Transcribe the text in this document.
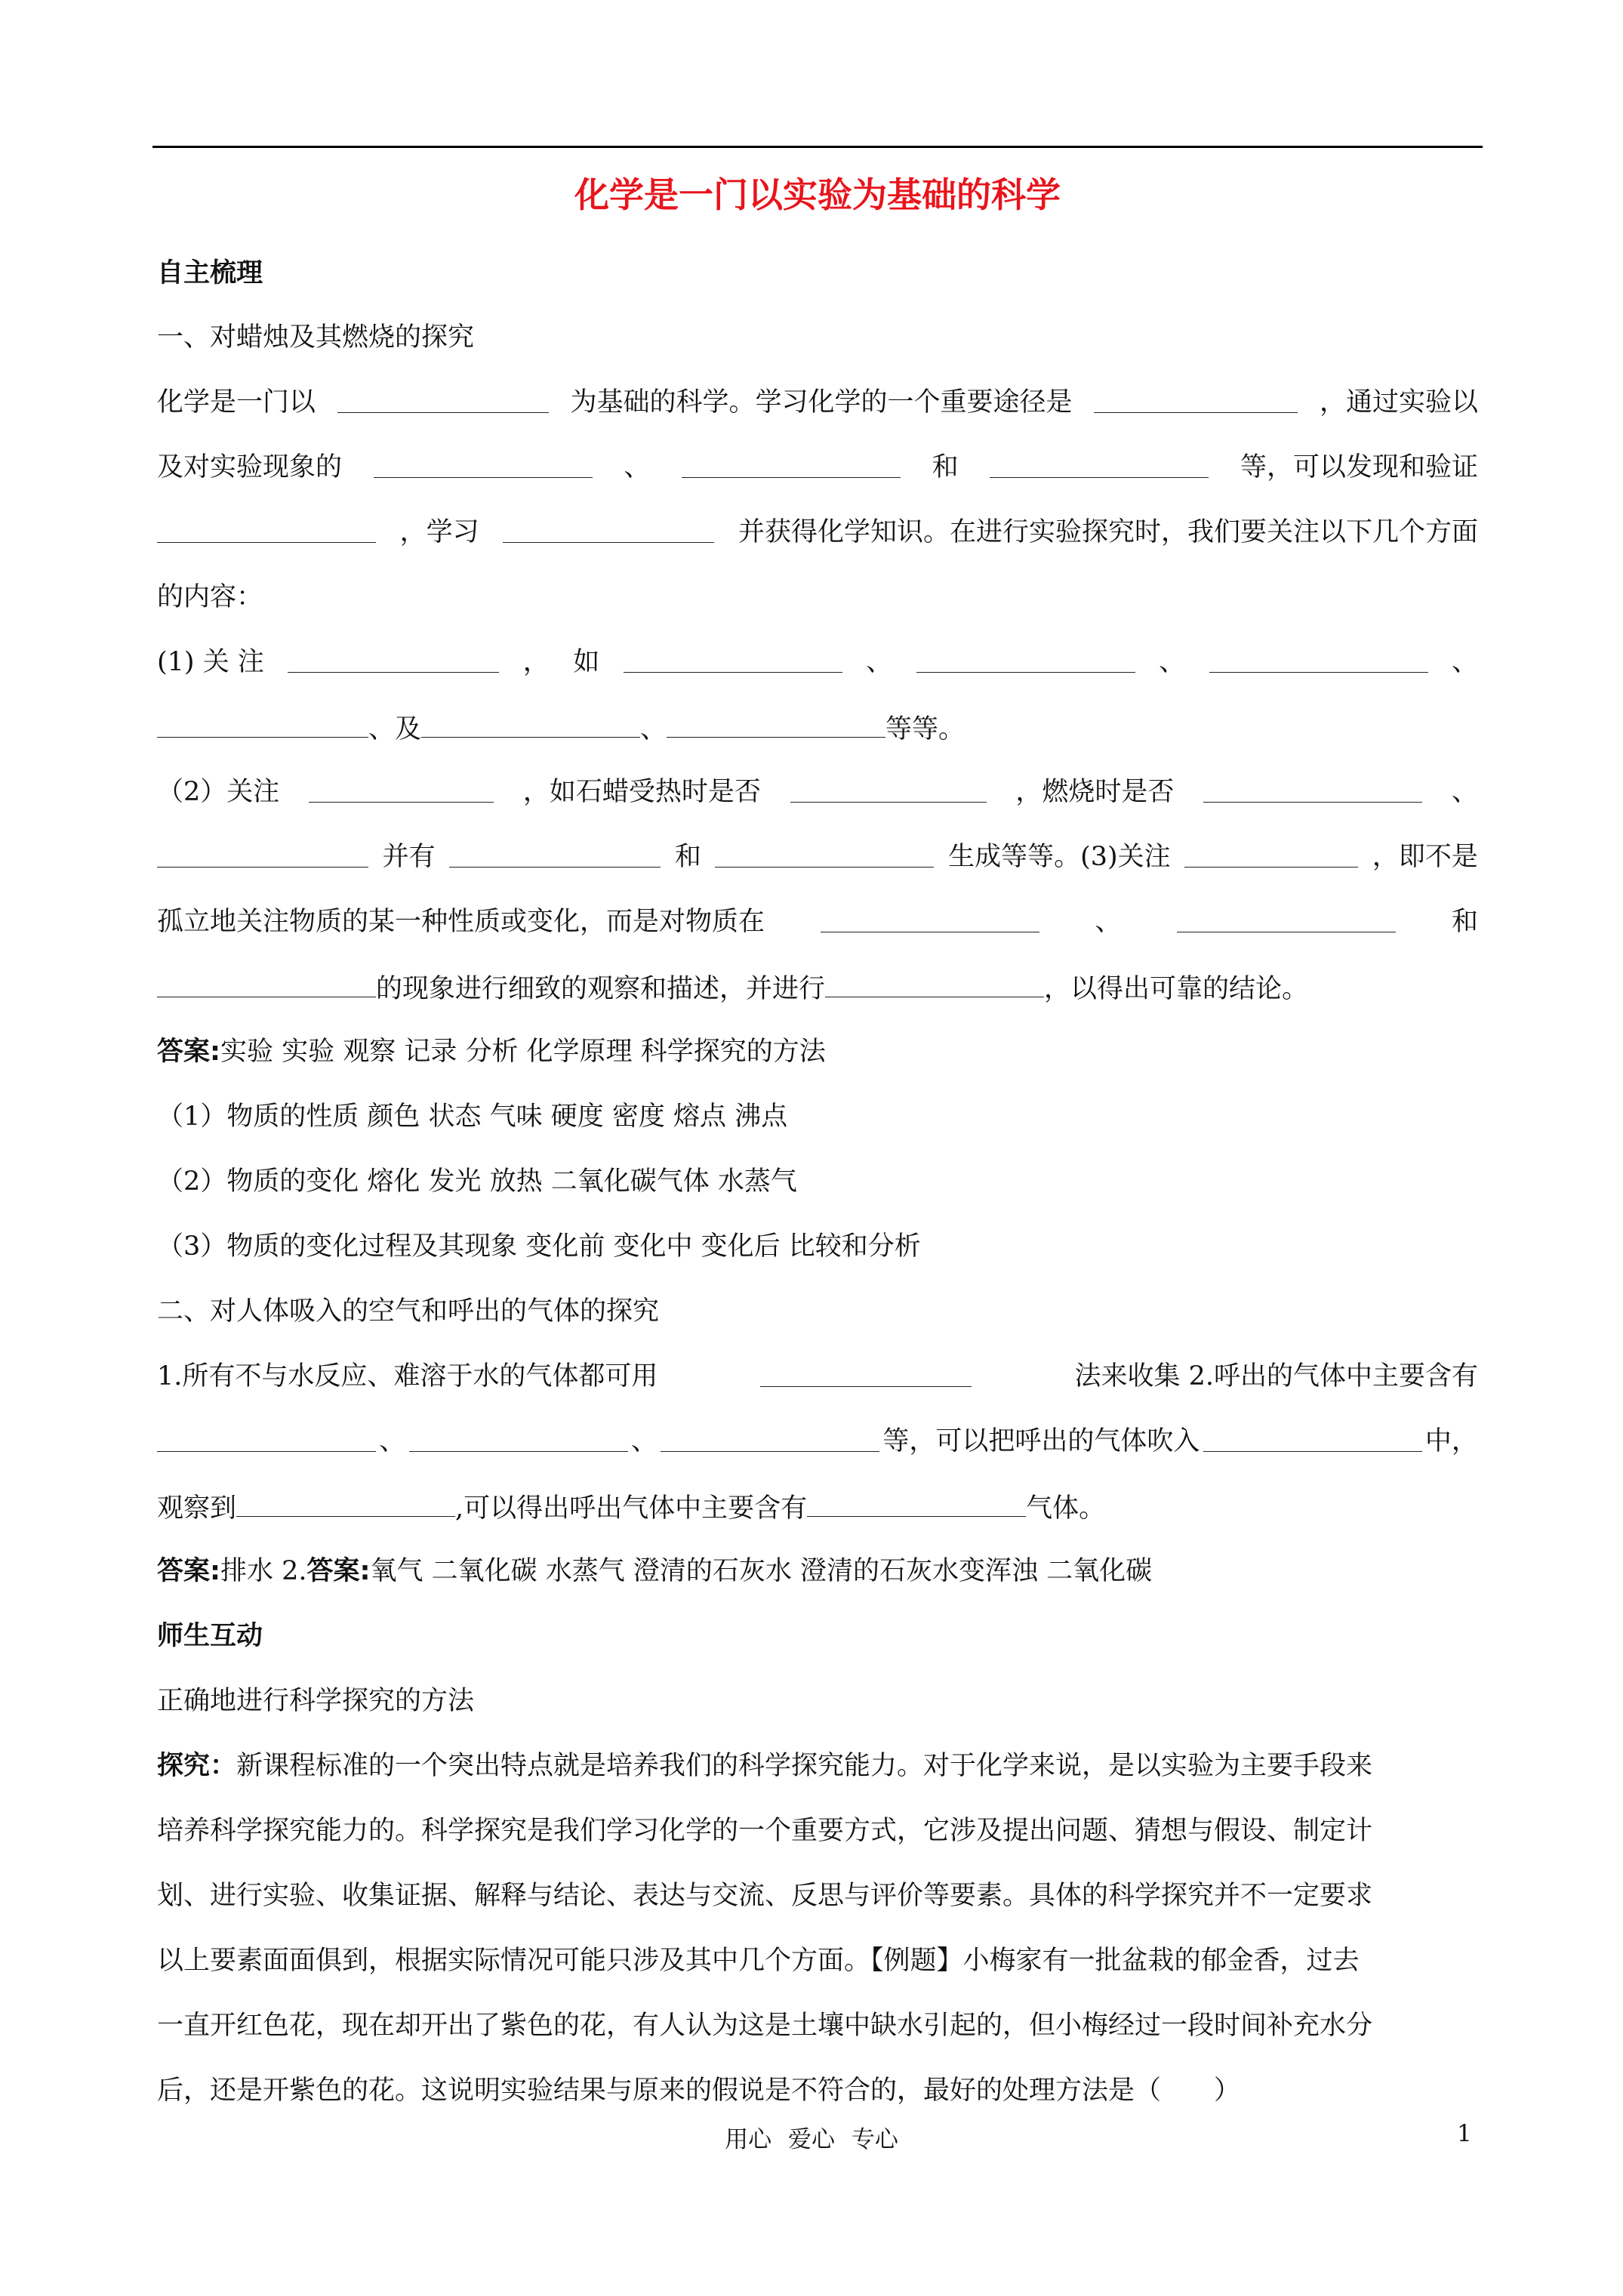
化学是一门以实验为基础的科学
自主梳理
一、对蜡烛及其燃烧的探究
化学是一门以	为基础的科学。学习化学的一个重要途径是	，通过实验以
及对实验现象的	、	和	等，可以发现和验证
，学习	并获得化学知识。在进行实验探究时，我们要关注以下几个方面
的内容：
(1) 关 注	， 如	、	、	、
、及	、	等等。
（2）关注	，如石蜡受热时是否	，燃烧时是否	、
并有	和	生成等等。(3)关注	，即不是
孤立地关注物质的某一种性质或变化，而是对物质在	、	和
的现象进行细致的观察和描述，并进行	，以得出可靠的结论。
答案:实验 实验 观察 记录 分析 化学原理 科学探究的方法
（1）物质的性质 颜色 状态 气味 硬度 密度 熔点 沸点
（2）物质的变化 熔化 发光 放热 二氧化碳气体 水蒸气
（3）物质的变化过程及其现象 变化前 变化中 变化后 比较和分析
二、对人体吸入的空气和呼出的气体的探究
1.所有不与水反应、难溶于水的气体都可用	法来收集 2.呼出的气体中主要含有
、	、	等，可以把呼出的气体吹入	中，
观察到	,可以得出呼出气体中主要含有	气体。
答案:排水 2.答案:氧气 二氧化碳 水蒸气 澄清的石灰水 澄清的石灰水变浑浊 二氧化碳
师生互动
正确地进行科学探究的方法
探究：新课程标准的一个突出特点就是培养我们的科学探究能力。对于化学来说，是以实验为主要手段来
培养科学探究能力的。科学探究是我们学习化学的一个重要方式，它涉及提出问题、猜想与假设、制定计
划、进行实验、收集证据、解释与结论、表达与交流、反思与评价等要素。具体的科学探究并不一定要求
以上要素面面俱到，根据实际情况可能只涉及其中几个方面。【例题】小梅家有一批盆栽的郁金香，过去
一直开红色花，现在却开出了紫色的花，有人认为这是土壤中缺水引起的，但小梅经过一段时间补充水分
后，还是开紫色的花。这说明实验结果与原来的假说是不符合的，最好的处理方法是（　　）
用心 爱心 专心	1
